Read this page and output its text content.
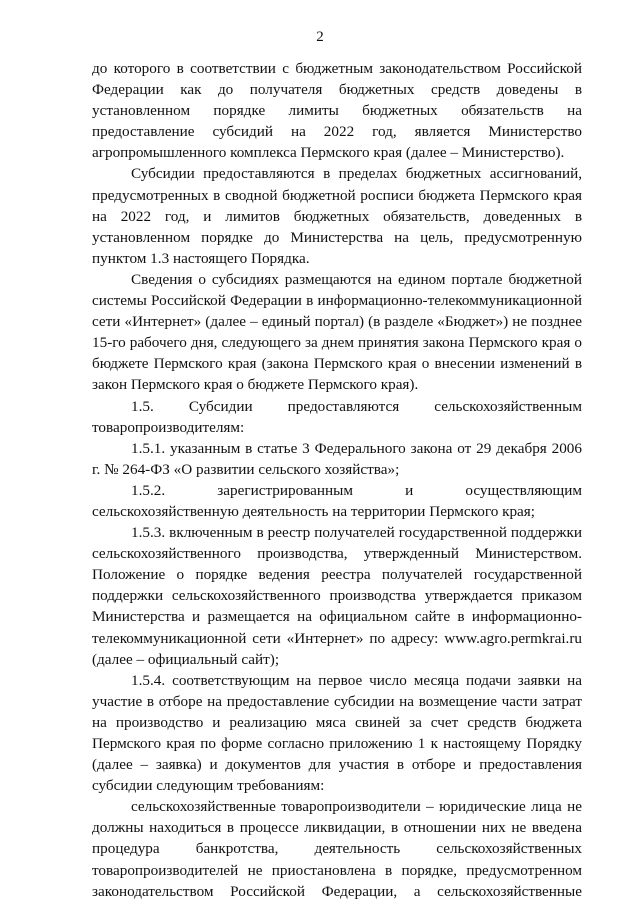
2

до которого в соответствии с бюджетным законодательством Российской Федерации как до получателя бюджетных средств доведены в установленном порядке лимиты бюджетных обязательств на предоставление субсидий на 2022 год, является Министерство агропромышленного комплекса Пермского края (далее – Министерство).

Субсидии предоставляются в пределах бюджетных ассигнований, предусмотренных в сводной бюджетной росписи бюджета Пермского края на 2022 год, и лимитов бюджетных обязательств, доведенных в установленном порядке до Министерства на цель, предусмотренную пунктом 1.3 настоящего Порядка.

Сведения о субсидиях размещаются на едином портале бюджетной системы Российской Федерации в информационно-телекоммуникационной сети «Интернет» (далее – единый портал) (в разделе «Бюджет») не позднее 15-го рабочего дня, следующего за днем принятия закона Пермского края о бюджете Пермского края (закона Пермского края о внесении изменений в закон Пермского края о бюджете Пермского края).

1.5. Субсидии предоставляются сельскохозяйственным товаропроизводителям:

1.5.1. указанным в статье 3 Федерального закона от 29 декабря 2006 г. № 264-ФЗ «О развитии сельского хозяйства»;

1.5.2. зарегистрированным и осуществляющим сельскохозяйственную деятельность на территории Пермского края;

1.5.3. включенным в реестр получателей государственной поддержки сельскохозяйственного производства, утвержденный Министерством. Положение о порядке ведения реестра получателей государственной поддержки сельскохозяйственного производства утверждается приказом Министерства и размещается на официальном сайте в информационно-телекоммуникационной сети «Интернет» по адресу: www.agro.permkrai.ru (далее – официальный сайт);

1.5.4. соответствующим на первое число месяца подачи заявки на участие в отборе на предоставление субсидии на возмещение части затрат на производство и реализацию мяса свиней за счет средств бюджета Пермского края по форме согласно приложению 1 к настоящему Порядку (далее – заявка) и документов для участия в отборе и предоставления субсидии следующим требованиям:

сельскохозяйственные товаропроизводители – юридические лица не должны находиться в процессе ликвидации, в отношении них не введена процедура банкротства, деятельность сельскохозяйственных товаропроизводителей не приостановлена в порядке, предусмотренном законодательством Российской Федерации, а сельскохозяйственные
